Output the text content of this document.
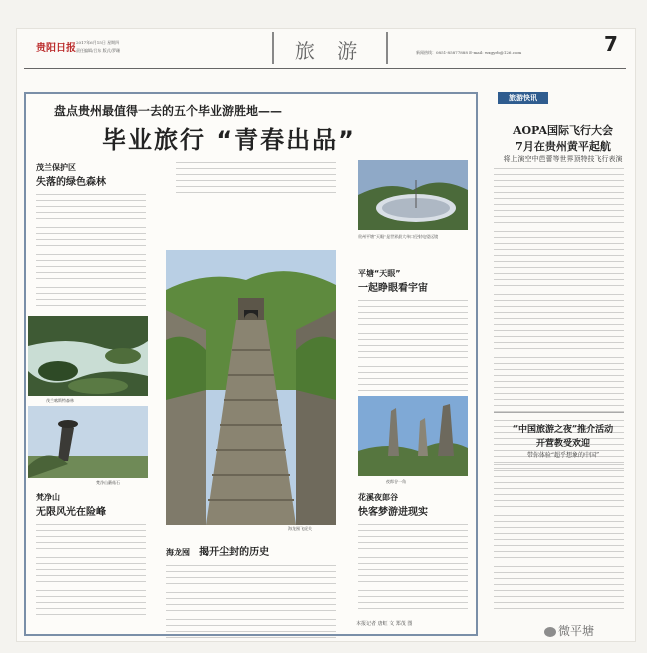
贵阳日报
2017年6月15日 星期四
责任编辑/吕东 版式/罗珊	旅 游	新闻热线：0851-85877888 E-mail: wxgyrb@126.com	7
盘点贵州最值得一去的五个毕业游胜地——
毕业旅行 “青春出品”
茂兰保护区
失落的绿色森林
茂兰喀斯特森林
梵净山蘑菇石
梵净山
无限风光在险峰
海龙囤飞虎关
海龙囤 揭开尘封的历史
贵州平塘“天眼”是世界最大单口径射电望远镜
平塘“天眼”
一起睁眼看宇宙
夜郎谷一角
花溪夜郎谷
快客梦游进现实
本报记者 唐虹 文 郑茂 图
旅游快讯
AOPA国际飞行大会
7月在贵州黄平起航
将上演空中芭蕾等世界顶特技飞行表演
“中国旅游之夜”推介活动
开营教受欢迎
带你体验“超乎想象的中国”
微平塘
